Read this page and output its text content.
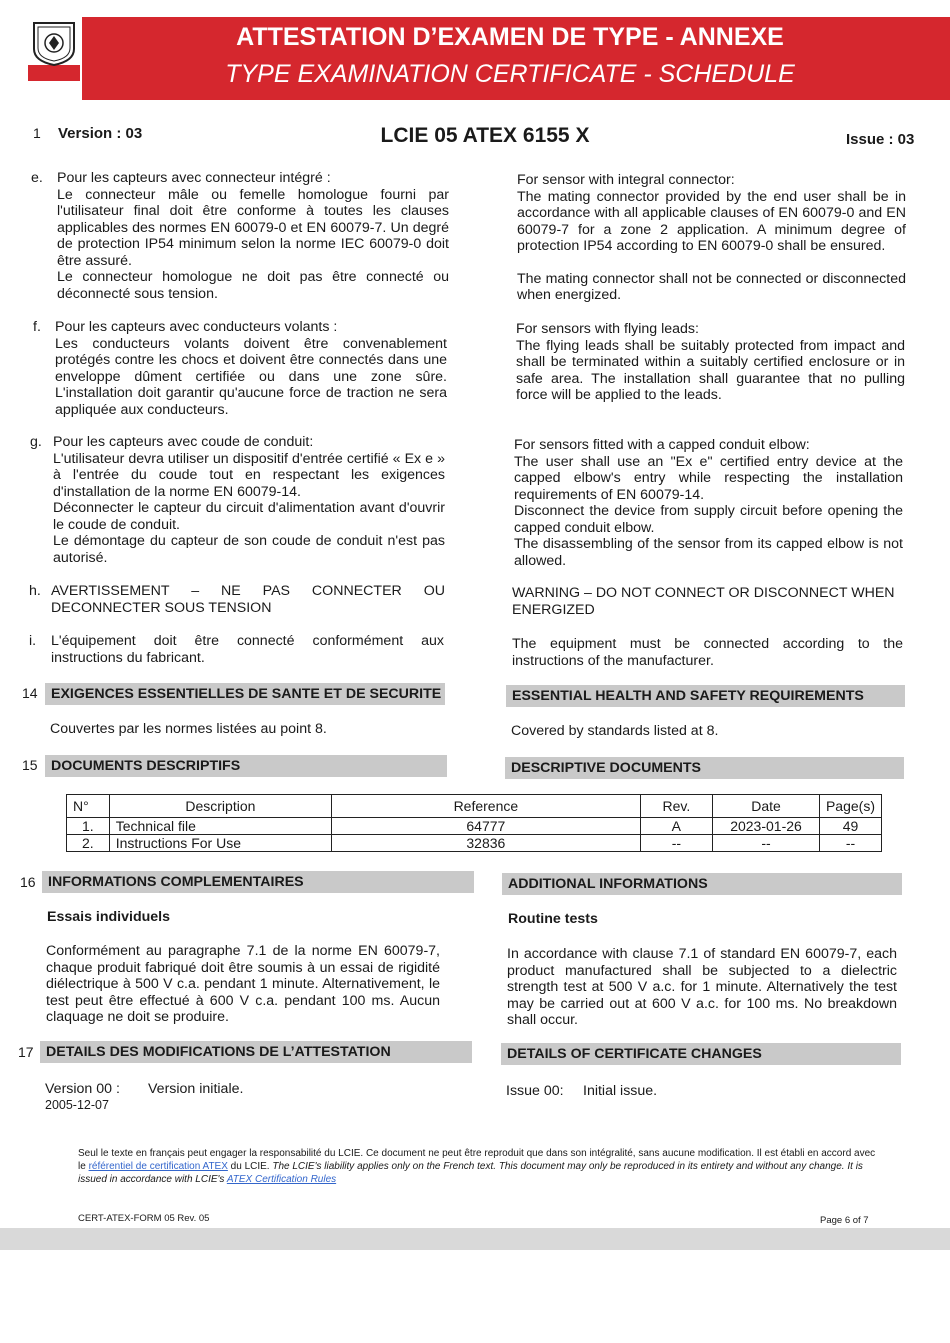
ATTESTATION D’EXAMEN DE TYPE - ANNEXE
TYPE EXAMINATION CERTIFICATE - SCHEDULE
1 Version : 03	LCIE 05 ATEX 6155 X	Issue : 03
e. Pour les capteurs avec connecteur intégré :

Le connecteur mâle ou femelle homologue fourni par l'utilisateur final doit être conforme à toutes les clauses applicables des normes EN 60079-0 et EN 60079-7. Un degré de protection IP54 minimum selon la norme IEC 60079-0 doit être assuré.

Le connecteur homologue ne doit pas être connecté ou déconnecté sous tension.

For sensor with integral connector:

The mating connector provided by the end user shall be in accordance with all applicable clauses of EN 60079-0 and EN 60079-7 for a zone 2 application. A minimum degree of protection IP54 according to EN 60079-0 shall be ensured.

The mating connector shall not be connected or disconnected when energized.

f. Pour les capteurs avec conducteurs volants :

Les conducteurs volants doivent être convenablement protégés contre les chocs et doivent être connectés dans une enveloppe dûment certifiée ou dans une zone sûre. L'installation doit garantir qu'aucune force de traction ne sera appliquée aux conducteurs.

For sensors with flying leads:

The flying leads shall be suitably protected from impact and shall be terminated within a suitably certified enclosure or in safe area. The installation shall guarantee that no pulling force will be applied to the leads.

g. Pour les capteurs avec coude de conduit:

L'utilisateur devra utiliser un dispositif d'entrée certifié « Ex e » à l'entrée du coude tout en respectant les exigences d'installation de la norme EN 60079-14.

Déconnecter le capteur du circuit d'alimentation avant d'ouvrir le coude de conduit.

Le démontage du capteur de son coude de conduit n'est pas autorisé.

For sensors fitted with a capped conduit elbow:

The user shall use an "Ex e" certified entry device at the capped elbow's entry while respecting the installation requirements of EN 60079-14.

Disconnect the device from supply circuit before opening the capped conduit elbow.

The disassembling of the sensor from its capped elbow is not allowed.

h. AVERTISSEMENT – NE PAS CONNECTER OU DECONNECTER SOUS TENSION
WARNING – DO NOT CONNECT OR DISCONNECT WHEN ENERGIZED
i. L'équipement doit être connecté conformément aux instructions du fabricant.
The equipment must be connected according to the instructions of the manufacturer.
14 EXIGENCES ESSENTIELLES DE SANTE ET DE SECURITE	ESSENTIAL HEALTH AND SAFETY REQUIREMENTS
Couvertes par les normes listées au point 8.	Covered by standards listed at 8.
15 DOCUMENTS DESCRIPTIFS	DESCRIPTIVE DOCUMENTS
N°	Description	Reference	Rev.	Date	Page(s)
1.	Technical file	64777	A	2023-01-26	49
2.	Instructions For Use	32836	--	--	--
16 INFORMATIONS COMPLEMENTAIRES	ADDITIONAL INFORMATIONS
Essais individuels	Routine tests
Conformément au paragraphe 7.1 de la norme EN 60079-7, chaque produit fabriqué doit être soumis à un essai de rigidité diélectrique à 500 V c.a. pendant 1 minute. Alternativement, le test peut être effectué à 600 V c.a. pendant 100 ms. Aucun claquage ne doit se produire.
In accordance with clause 7.1 of standard EN 60079-7, each product manufactured shall be subjected to a dielectric strength test at 500 V a.c. for 1 minute. Alternatively the test may be carried out at 600 V a.c. for 100 ms. No breakdown shall occur.
17 DETAILS DES MODIFICATIONS DE L’ATTESTATION	DETAILS OF CERTIFICATE CHANGES
Version 00 :
2005-12-07
Version initiale.	Issue 00: Initial issue.
Seul le texte en français peut engager la responsabilité du LCIE. Ce document ne peut être reproduit que dans son intégralité, sans aucune modification. Il est établi en accord avec le référentiel de certification ATEX du LCIE. The LCIE's liability applies only on the French text. This document may only be reproduced in its entirety and without any change. It is issued in accordance with LCIE's ATEX Certification Rules
CERT-ATEX-FORM 05 Rev. 05	Page 6 of 7
